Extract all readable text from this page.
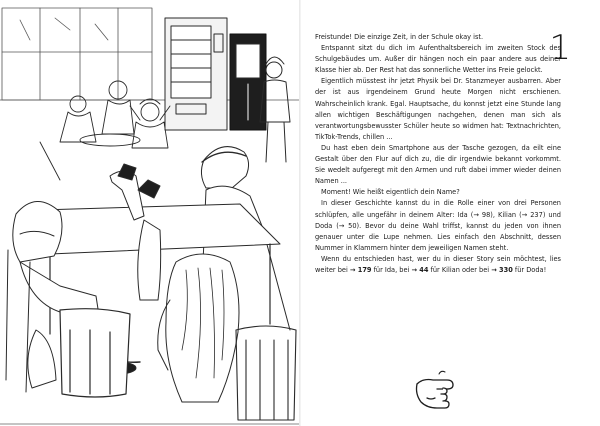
1

Freistunde! Die einzige Zeit, in der Schule okay ist.

Entspannt sitzt du dich im Aufenthaltsbereich im zweiten Stock des Schulgebäudes um. Außer dir hängen noch ein paar andere aus deiner Klasse hier ab. Der Rest hat das sonnerliche Wetter ins Freie gelockt.

Eigentlich müsstest ihr jetzt Physik bei Dr. Stanzmeyer ausbarren. Aber der ist aus irgendeinem Grund heute Morgen nicht erschienen. Wahrscheinlich krank. Egal. Hauptsache, du konnst jetzt eine Stunde lang allen wichtigen Beschäftigungen nachgehen, denen man sich als verantwortungsbewusster Schüler heute so widmen hat: Textnachrichten, TikTok-Trends, chillen ...

Du hast eben dein Smartphone aus der Tasche gezogen, da eilt eine Gestalt über den Flur auf dich zu, die dir irgendwie bekannt vorkommt. Sie wedelt aufgeregt mit den Armen und ruft dabei immer wieder deinen Namen ...

Moment! Wie heißt eigentlich dein Name?

In dieser Geschichte kannst du in die Rolle einer von drei Personen schlüpfen, alle ungefähr in deinem Alter: Ida (→ 98), Kilian (→ 237) und Doda (→ 50). Bevor du deine Wahl triffst, kannst du jeden von ihnen genauer unter die Lupe nehmen. Lies einfach den Abschnitt, dessen Nummer in Klammern hinter dem jeweiligen Namen steht.

Wenn du entschieden hast, wer du in dieser Story sein möchtest, lies weiter bei → 179 für Ida, bei → 44 für Kilian oder bei → 330 für Doda!
